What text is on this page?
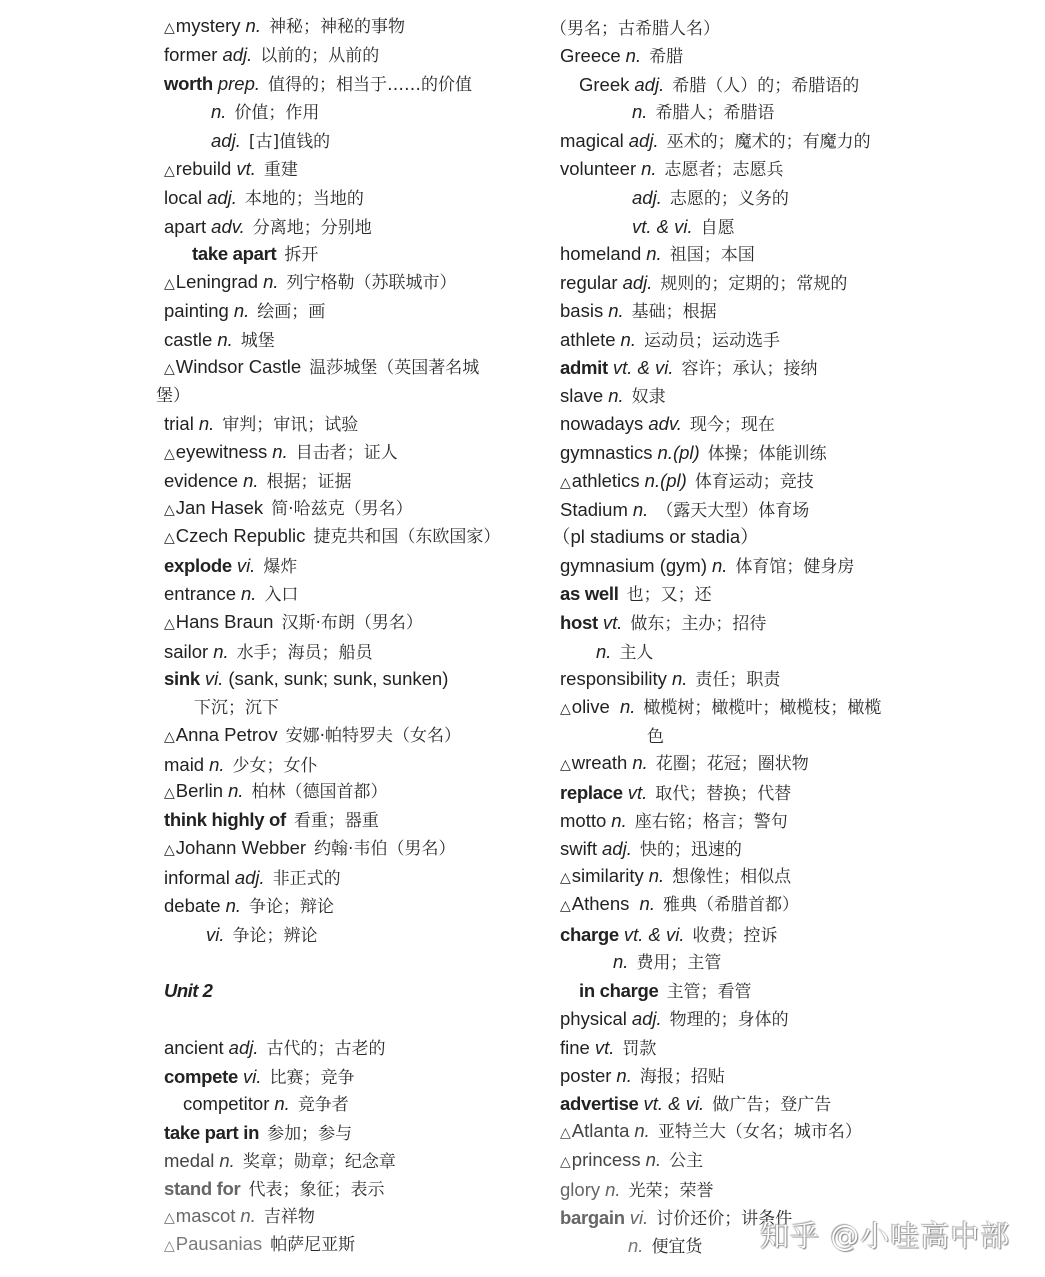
△mystery n. 神秘；神秘的事物
former adj. 以前的；从前的
worth prep. 值得的；相当于……的价值
n. 价值；作用
adj. [古]值钱的
△rebuild vt. 重建
local adj. 本地的；当地的
apart adv. 分离地；分别地
take apart 拆开
△Leningrad n. 列宁格勒（苏联城市）
painting n. 绘画；画
castle n. 城堡
△Windsor Castle 温莎城堡（英国著名城
堡）
trial n. 审判；审讯；试验
△eyewitness n. 目击者；证人
evidence n. 根据；证据
△Jan Hasek 简·哈兹克（男名）
△Czech Republic 捷克共和国（东欧国家）
explode vi. 爆炸
entrance n. 入口
△Hans Braun 汉斯·布朗（男名）
sailor n. 水手；海员；船员
sink vi. (sank, sunk; sunk, sunken)
下沉；沉下
△Anna Petrov 安娜·帕特罗夫（女名）
maid n. 少女；女仆
△Berlin n. 柏林（德国首都）
think highly of 看重；器重
△Johann Webber 约翰·韦伯（男名）
informal adj. 非正式的
debate n. 争论；辩论
vi. 争论；辨论
ancient adj. 古代的；古老的
compete vi. 比赛；竞争
competitor n. 竞争者
take part in 参加；参与
medal n. 奖章；勋章；纪念章
stand for 代表；象征；表示
△mascot n. 吉祥物
△Pausanias 帕萨尼亚斯
（男名；古希腊人名）
Greece n. 希腊
Greek adj. 希腊（人）的；希腊语的
n. 希腊人；希腊语
magical adj. 巫术的；魔术的；有魔力的
volunteer n. 志愿者；志愿兵
adj. 志愿的；义务的
vt. & vi. 自愿
homeland n. 祖国；本国
regular adj. 规则的；定期的；常规的
basis n. 基础；根据
athlete n. 运动员；运动选手
admit vt. & vi. 容许；承认；接纳
slave n. 奴隶
nowadays adv. 现今；现在
gymnastics n.(pl) 体操；体能训练
△athletics n.(pl) 体育运动；竞技
Stadium n. （露天大型）体育场
（pl stadiums or stadia）
gymnasium (gym) n. 体育馆；健身房
as well 也；又；还
host vt. 做东；主办；招待
n. 主人
responsibility n. 责任；职责
△olive n. 橄榄树；橄榄叶；橄榄枝；橄榄
色
△wreath n. 花圈；花冠；圈状物
replace vt. 取代；替换；代替
motto n. 座右铭；格言；警句
swift adj. 快的；迅速的
△similarity n. 想像性；相似点
△Athens n. 雅典（希腊首都）
charge vt. & vi. 收费；控诉
n. 费用；主管
in charge 主管；看管
physical adj. 物理的；身体的
fine vt. 罚款
poster n. 海报；招贴
advertise vt. & vi. 做广告；登广告
△Atlanta n. 亚特兰大（女名；城市名）
△princess n. 公主
glory n. 光荣；荣誉
bargain vi. 讨价还价；讲条件
n. 便宜货
Unit 2
知乎 @小哇高中部
